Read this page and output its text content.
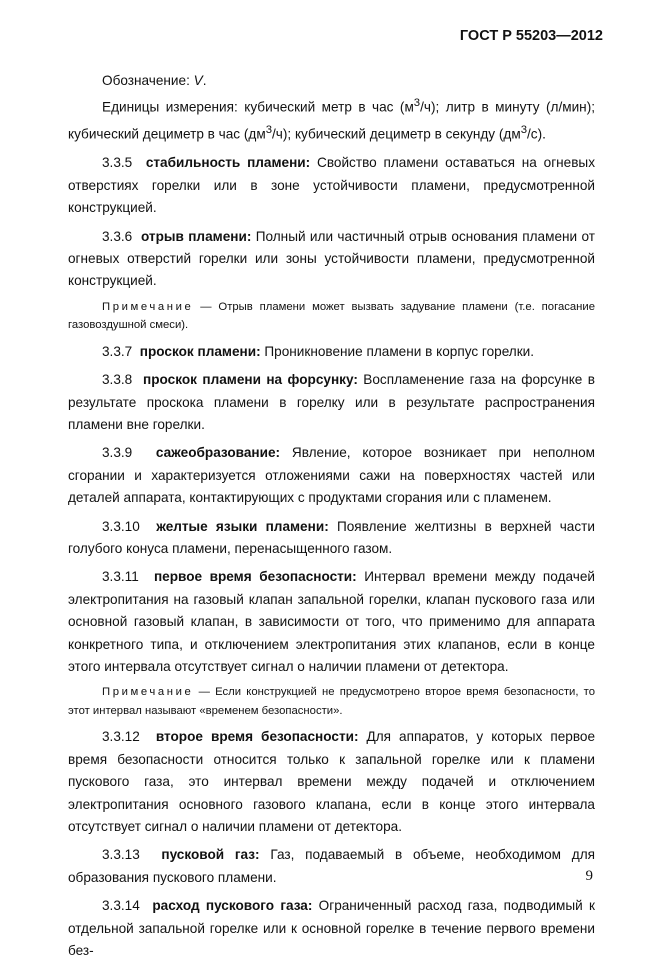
ГОСТ Р 55203—2012

Обозначение: V.

Единицы измерения: кубический метр в час $(м^3/ч)$; литр в минуту (л/мин); кубический дециметр в час $(дм^3/ч)$; кубический дециметр в секунду $(дм^3/с)$.

3.3.5 стабильность пламени: Свойство пламени оставаться на огневых отверстиях горелки или в зоне устойчивости пламени, предусмотренной конструкцией.

3.3.6 отрыв пламени: Полный или частичный отрыв основания пламени от огневых отверстий горелки или зоны устойчивости пламени, предусмотренной конструкцией.

Примечание — Отрыв пламени может вызвать задувание пламени (т.е. погасание газовоздушной смеси).

3.3.7 проскок пламени: Проникновение пламени в корпус горелки.

3.3.8 проскок пламени на форсунку: Воспламенение газа на форсунке в результате проскока пламени в горелку или в результате распространения пламени вне горелки.

3.3.9 сажеобразование: Явление, которое возникает при неполном сгорании и характеризуется отложениями сажи на поверхностях частей или деталей аппарата, контактирующих с продуктами сгорания или с пламенем.

3.3.10 желтые языки пламени: Появление желтизны в верхней части голубого конуса пламени, перенасыщенного газом.

3.3.11 первое время безопасности: Интервал времени между подачей электропитания на газовый клапан запальной горелки, клапан пускового газа или основной газовый клапан, в зависимости от того, что применимо для аппарата конкретного типа, и отключением электропитания этих клапанов, если в конце этого интервала отсутствует сигнал о наличии пламени от детектора.

Примечание — Если конструкцией не предусмотрено второе время безопасности, то этот интервал называют «временем безопасности».

3.3.12 второе время безопасности: Для аппаратов, у которых первое время безопасности относится только к запальной горелке или к пламени пускового газа, это интервал времени между подачей и отключением электропитания основного газового клапана, если в конце этого интервала отсутствует сигнал о наличии пламени от детектора.

3.3.13 пусковой газ: Газ, подаваемый в объеме, необходимом для образования пускового пламени.

3.3.14 расход пускового газа: Ограниченный расход газа, подводимый к отдельной запальной горелке или к основной горелке в течение первого времени без-

9
